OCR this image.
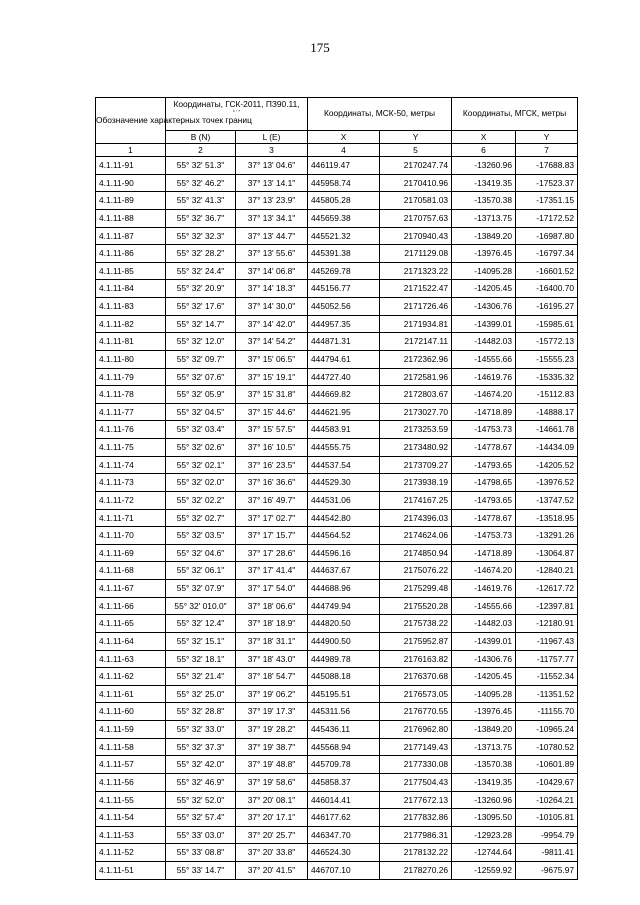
175
Обозначение характерных точек границ	Координаты, ГСК-2011, ПЗ90.11,
° ′ ″		Координаты, МСК-50, метры		Координаты, МГСК, метры	
	B (N)	L (E)	X	Y	X	Y
1	2	3	4	5	6	7
4.1.11-91	55° 32' 51.3"	37° 13' 04.6"	446119.47	2170247.74	-13260.96	-17688.83
4.1.11-90	55° 32' 46.2"	37° 13' 14.1"	445958.74	2170410.96	-13419.35	-17523.37
4.1.11-89	55° 32' 41.3"	37° 13' 23.9"	445805.28	2170581.03	-13570.38	-17351.15
4.1.11-88	55° 32' 36.7"	37° 13' 34.1"	445659.38	2170757.63	-13713.75	-17172.52
4.1.11-87	55° 32' 32.3"	37° 13' 44.7"	445521.32	2170940.43	-13849.20	-16987.80
4.1.11-86	55° 32' 28.2"	37° 13' 55.6"	445391.38	2171129.08	-13976.45	-16797.34
4.1.11-85	55° 32' 24.4"	37° 14' 06.8"	445269.78	2171323.22	-14095.28	-16601.52
4.1.11-84	55° 32' 20.9"	37° 14' 18.3"	445156.77	2171522.47	-14205.45	-16400.70
4.1.11-83	55° 32' 17.6"	37° 14' 30.0"	445052.56	2171726.46	-14306.76	-16195.27
4.1.11-82	55° 32' 14.7"	37° 14' 42.0"	444957.35	2171934.81	-14399.01	-15985.61
4.1.11-81	55° 32' 12.0"	37° 14' 54.2"	444871.31	2172147.11	-14482.03	-15772.13
4.1.11-80	55° 32' 09.7"	37° 15' 06.5"	444794.61	2172362.96	-14555.66	-15555.23
4.1.11-79	55° 32' 07.6"	37° 15' 19.1"	444727.40	2172581.96	-14619.76	-15335.32
4.1.11-78	55° 32' 05.9"	37° 15' 31.8"	444669.82	2172803.67	-14674.20	-15112.83
4.1.11-77	55° 32' 04.5"	37° 15' 44.6"	444621.95	2173027.70	-14718.89	-14888.17
4.1.11-76	55° 32' 03.4"	37° 15' 57.5"	444583.91	2173253.59	-14753.73	-14661.78
4.1.11-75	55° 32' 02.6"	37° 16' 10.5"	444555.75	2173480.92	-14778.67	-14434.09
4.1.11-74	55° 32' 02.1"	37° 16' 23.5"	444537.54	2173709.27	-14793.65	-14205.52
4.1.11-73	55° 32' 02.0"	37° 16' 36.6"	444529.30	2173938.19	-14798.65	-13976.52
4.1.11-72	55° 32' 02.2"	37° 16' 49.7"	444531.06	2174167.25	-14793.65	-13747.52
4.1.11-71	55° 32' 02.7"	37° 17' 02.7"	444542.80	2174396.03	-14778.67	-13518.95
4.1.11-70	55° 32' 03.5"	37° 17' 15.7"	444564.52	2174624.06	-14753.73	-13291.26
4.1.11-69	55° 32' 04.6"	37° 17' 28.6"	444596.16	2174850.94	-14718.89	-13064.87
4.1.11-68	55° 32' 06.1"	37° 17' 41.4"	444637.67	2175076.22	-14674.20	-12840.21
4.1.11-67	55° 32' 07.9"	37° 17' 54.0"	444688.96	2175299.48	-14619.76	-12617.72
4.1.11-66	55° 32' 010.0"	37° 18' 06.6"	444749.94	2175520.28	-14555.66	-12397.81
4.1.11-65	55° 32' 12.4"	37° 18' 18.9"	444820.50	2175738.22	-14482.03	-12180.91
4.1.11-64	55° 32' 15.1"	37° 18' 31.1"	444900.50	2175952.87	-14399.01	-11967.43
4.1.11-63	55° 32' 18.1"	37° 18' 43.0"	444989.78	2176163.82	-14306.76	-11757.77
4.1.11-62	55° 32' 21.4"	37° 18' 54.7"	445088.18	2176370.68	-14205.45	-11552.34
4.1.11-61	55° 32' 25.0"	37° 19' 06.2"	445195.51	2176573.05	-14095.28	-11351.52
4.1.11-60	55° 32' 28.8"	37° 19' 17.3"	445311.56	2176770.55	-13976.45	-11155.70
4.1.11-59	55° 32' 33.0"	37° 19' 28.2"	445436.11	2176962.80	-13849.20	-10965.24
4.1.11-58	55° 32' 37.3"	37° 19' 38.7"	445568.94	2177149.43	-13713.75	-10780.52
4.1.11-57	55° 32' 42.0"	37° 19' 48.8"	445709.78	2177330.08	-13570.38	-10601.89
4.1.11-56	55° 32' 46.9"	37° 19' 58.6"	445858.37	2177504.43	-13419.35	-10429.67
4.1.11-55	55° 32' 52.0"	37° 20' 08.1"	446014.41	2177672.13	-13260.96	-10264.21
4.1.11-54	55° 32' 57.4"	37° 20' 17.1"	446177.62	2177832.86	-13095.50	-10105.81
4.1.11-53	55° 33' 03.0"	37° 20' 25.7"	446347.70	2177986.31	-12923.28	-9954.79
4.1.11-52	55° 33' 08.8"	37° 20' 33.8"	446524.30	2178132.22	-12744.64	-9811.41
4.1.11-51	55° 33' 14.7"	37° 20' 41.5"	446707.10	2178270.26	-12559.92	-9675.97
